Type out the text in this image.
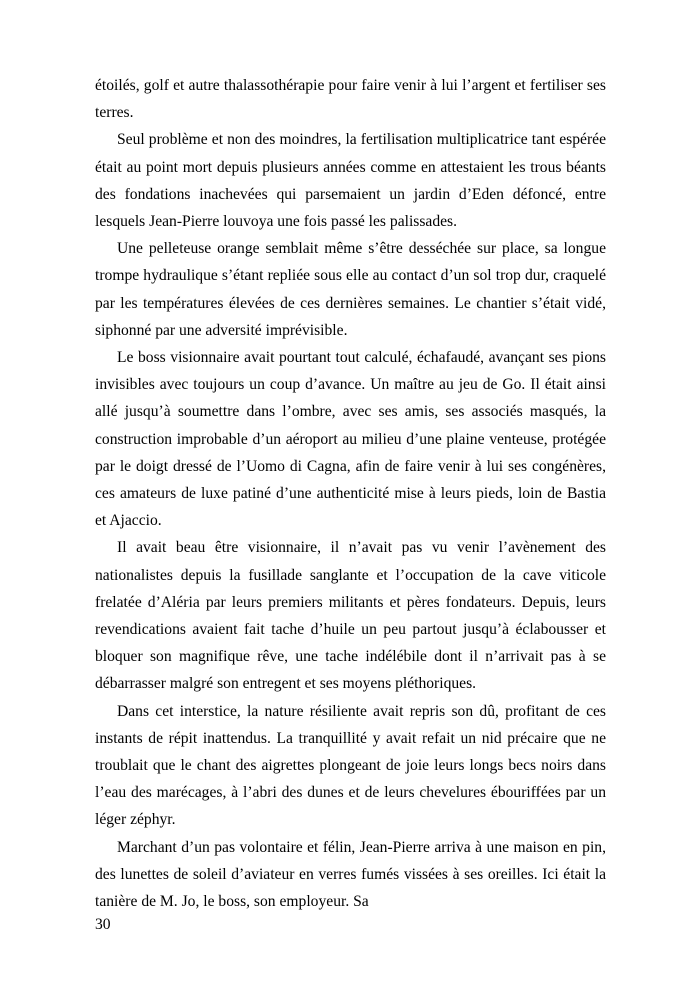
étoilés, golf et autre thalassothérapie pour faire venir à lui l’argent et fertiliser ses terres.

Seul problème et non des moindres, la fertilisation multiplicatrice tant espérée était au point mort depuis plusieurs années comme en attestaient les trous béants des fondations inachevées qui parsemaient un jardin d’Eden défoncé, entre lesquels Jean-Pierre louvoya une fois passé les palissades.

Une pelleteuse orange semblait même s’être desséchée sur place, sa longue trompe hydraulique s’étant repliée sous elle au contact d’un sol trop dur, craquelé par les températures élevées de ces dernières semaines. Le chantier s’était vidé, siphonné par une adversité imprévisible.

Le boss visionnaire avait pourtant tout calculé, échafaudé, avançant ses pions invisibles avec toujours un coup d’avance. Un maître au jeu de Go. Il était ainsi allé jusqu’à soumettre dans l’ombre, avec ses amis, ses associés masqués, la construction improbable d’un aéroport au milieu d’une plaine venteuse, protégée par le doigt dressé de l’Uomo di Cagna, afin de faire venir à lui ses congénères, ces amateurs de luxe patiné d’une authenticité mise à leurs pieds, loin de Bastia et Ajaccio.

Il avait beau être visionnaire, il n’avait pas vu venir l’avènement des nationalistes depuis la fusillade sanglante et l’occupation de la cave viticole frelatée d’Aléria par leurs premiers militants et pères fondateurs. Depuis, leurs revendications avaient fait tache d’huile un peu partout jusqu’à éclabousser et bloquer son magnifique rêve, une tache indélébile dont il n’arrivait pas à se débarrasser malgré son entregent et ses moyens pléthoriques.

Dans cet interstice, la nature résiliente avait repris son dû, profitant de ces instants de répit inattendus. La tranquillité y avait refait un nid précaire que ne troublait que le chant des aigrettes plongeant de joie leurs longs becs noirs dans l’eau des marécages, à l’abri des dunes et de leurs chevelures ébouriffées par un léger zéphyr.

Marchant d’un pas volontaire et félin, Jean-Pierre arriva à une maison en pin, des lunettes de soleil d’aviateur en verres fumés vissées à ses oreilles. Ici était la tanière de M. Jo, le boss, son employeur. Sa

30
